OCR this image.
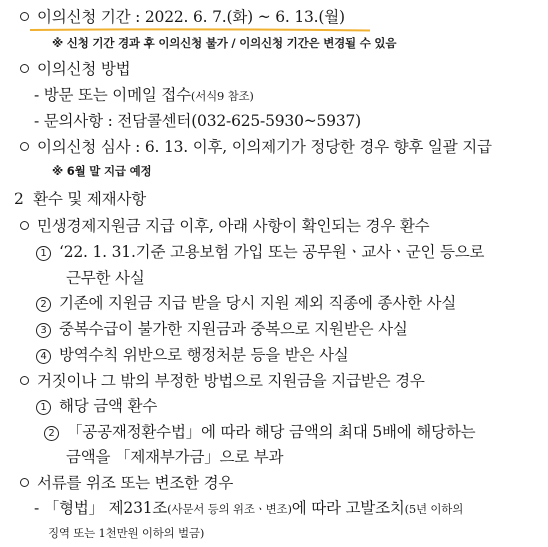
이의신청 기간 : 2022. 6. 7.(화) ~ 6. 13.(월)
※ 신청 기간 경과 후 이의신청 불가 / 이의신청 기간은 변경될 수 있음
이의신청 방법
- 방문 또는 이메일 접수(서식9 참조)
- 문의사항 : 전담콜센터(032-625-5930~5937)
이의신청 심사 : 6. 13. 이후, 이의제기가 정당한 경우 향후 일괄 지급
※ 6월 말 지급 예정
2 환수 및 제재사항
민생경제지원금 지급 이후, 아래 사항이 확인되는 경우 환수
1 ‘22. 1. 31.기준 고용보험 가입 또는 공무원ㆍ교사ㆍ군인 등으로
근무한 사실
2 기존에 지원금 지급 받을 당시 지원 제외 직종에 종사한 사실
3 중복수급이 불가한 지원금과 중복으로 지원받은 사실
4 방역수칙 위반으로 행정처분 등을 받은 사실
거짓이나 그 밖의 부정한 방법으로 지원금을 지급받은 경우
1 해당 금액 환수
2 「공공재정환수법」에 따라 해당 금액의 최대 5배에 해당하는
금액을 「제재부가금」으로 부과
서류를 위조 또는 변조한 경우
- 「형법」 제231조(사문서 등의 위조ㆍ변조)에 따라 고발조치(5년 이하의
징역 또는 1천만원 이하의 벌금)
